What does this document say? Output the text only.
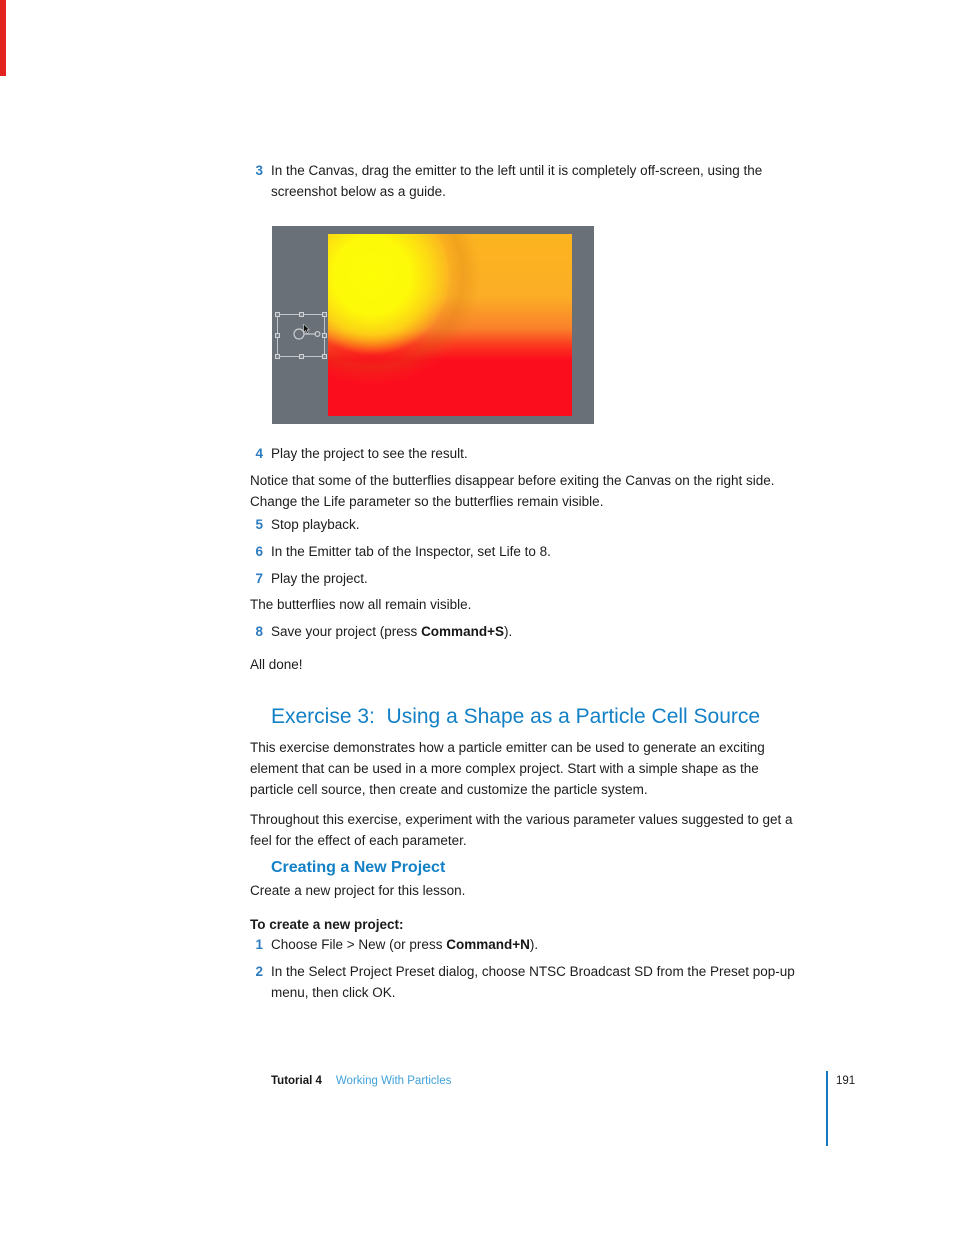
3 In the Canvas, drag the emitter to the left until it is completely off-screen, using the screenshot below as a guide.

4 Play the project to see the result.

Notice that some of the butterflies disappear before exiting the Canvas on the right side. Change the Life parameter so the butterflies remain visible.

5 Stop playback.

6 In the Emitter tab of the Inspector, set Life to 8.

7 Play the project.

The butterflies now all remain visible.

8 Save your project (press Command+S).

All done!

Exercise 3:  Using a Shape as a Particle Cell Source

This exercise demonstrates how a particle emitter can be used to generate an exciting element that can be used in a more complex project. Start with a simple shape as the particle cell source, then create and customize the particle system.

Throughout this exercise, experiment with the various parameter values suggested to get a feel for the effect of each parameter.

Creating a New Project

Create a new project for this lesson.

To create a new project:

1 Choose File > New (or press Command+N).

2 In the Select Project Preset dialog, choose NTSC Broadcast SD from the Preset pop-up menu, then click OK.

Tutorial 4 Working With Particles	191
